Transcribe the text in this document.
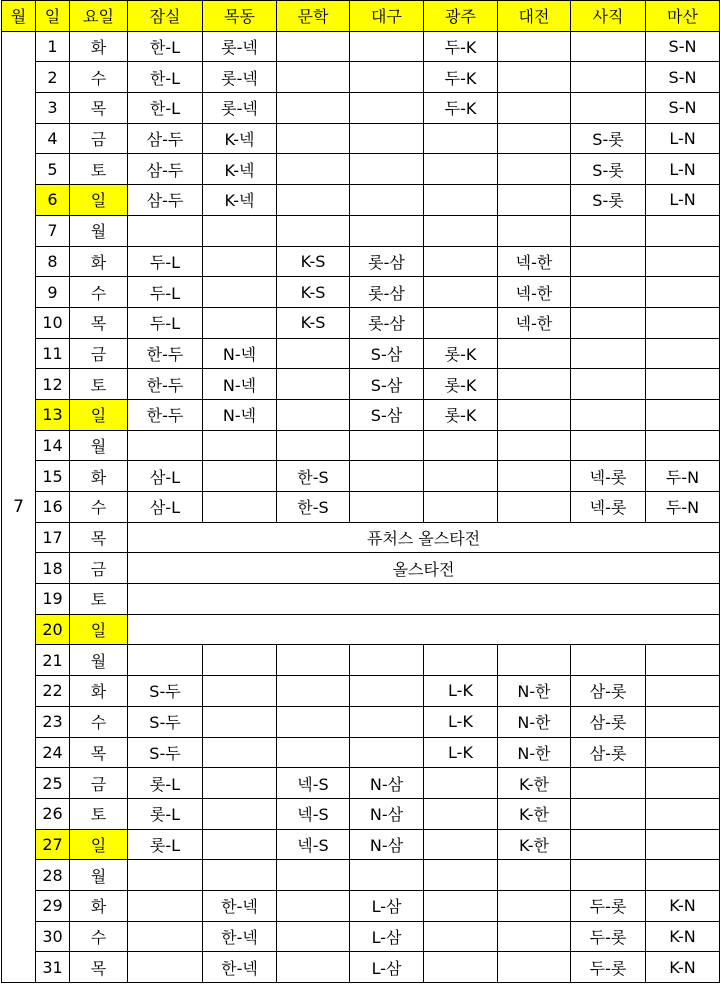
월	일	요일	잠실	목동	문학	대구	광주	대전	사직	마산
7	1	화	한-L	롯-넥			두-K			S-N
	2	수	한-L	롯-넥			두-K			S-N
	3	목	한-L	롯-넥			두-K			S-N
	4	금	삼-두	K-넥					S-롯	L-N
	5	토	삼-두	K-넥					S-롯	L-N
	6	일	삼-두	K-넥					S-롯	L-N
	7	월								
	8	화	두-L		K-S	롯-삼		넥-한		
	9	수	두-L		K-S	롯-삼		넥-한		
	10	목	두-L		K-S	롯-삼		넥-한		
	11	금	한-두	N-넥		S-삼	롯-K			
	12	토	한-두	N-넥		S-삼	롯-K			
	13	일	한-두	N-넥		S-삼	롯-K			
	14	월								
	15	화	삼-L		한-S				넥-롯	두-N
	16	수	삼-L		한-S				넥-롯	두-N
	17	목	퓨처스 올스타전							
	18	금	올스타전							
	19	토								
	20	일								
	21	월								
	22	화	S-두				L-K	N-한	삼-롯	
	23	수	S-두				L-K	N-한	삼-롯	
	24	목	S-두				L-K	N-한	삼-롯	
	25	금	롯-L		넥-S	N-삼		K-한		
	26	토	롯-L		넥-S	N-삼		K-한		
	27	일	롯-L		넥-S	N-삼		K-한		
	28	월								
	29	화		한-넥		L-삼			두-롯	K-N
	30	수		한-넥		L-삼			두-롯	K-N
	31	목		한-넥		L-삼			두-롯	K-N
